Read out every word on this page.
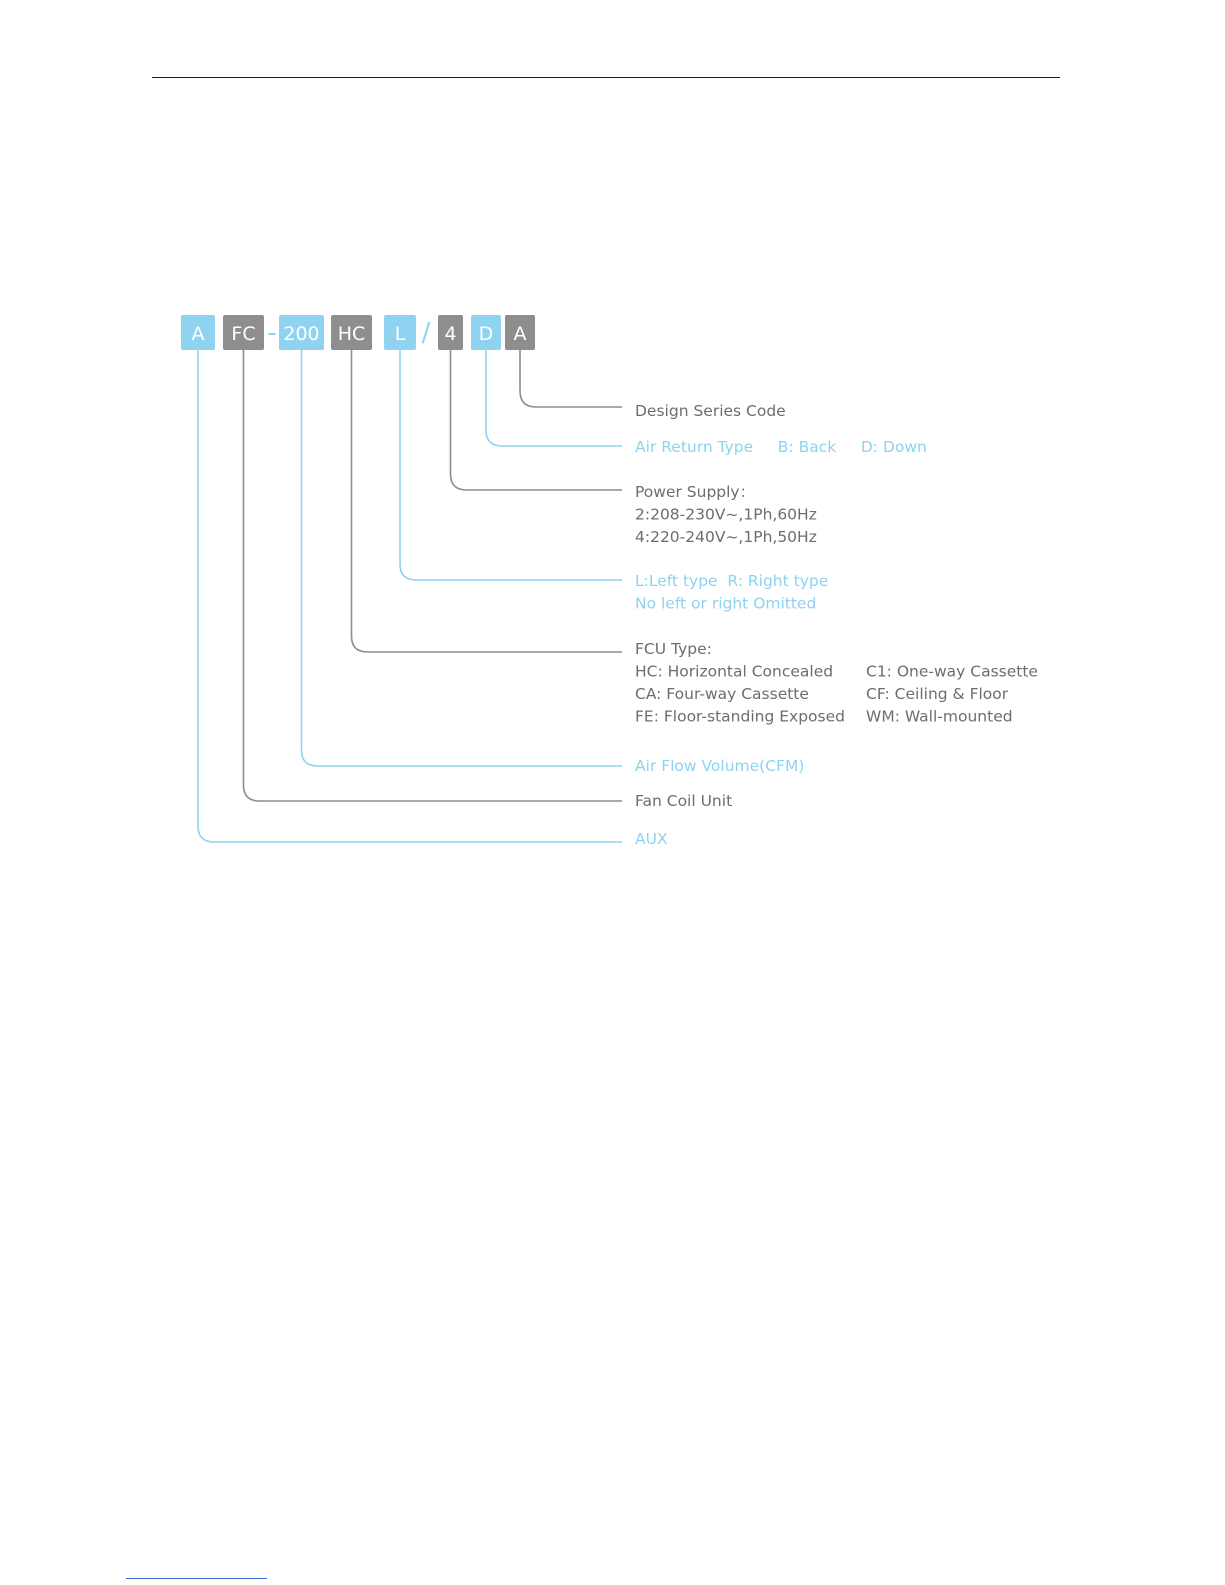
A FC - 200 HC L / 4 D A
Design Series Code
Air Return Type     B: Back     D: Down
Power Supply：
2:208-230V~,1Ph,60Hz
4:220-240V~,1Ph,50Hz
L:Left type  R: Right type
No left or right Omitted
FCU Type:
HC: Horizontal Concealed C1: One-way Cassette
CA: Four-way Cassette	CF: Ceiling & Floor
FE: Floor-standing Exposed WM: Wall-mounted
Air Flow Volume(CFM)
Fan Coil Unit
AUX
